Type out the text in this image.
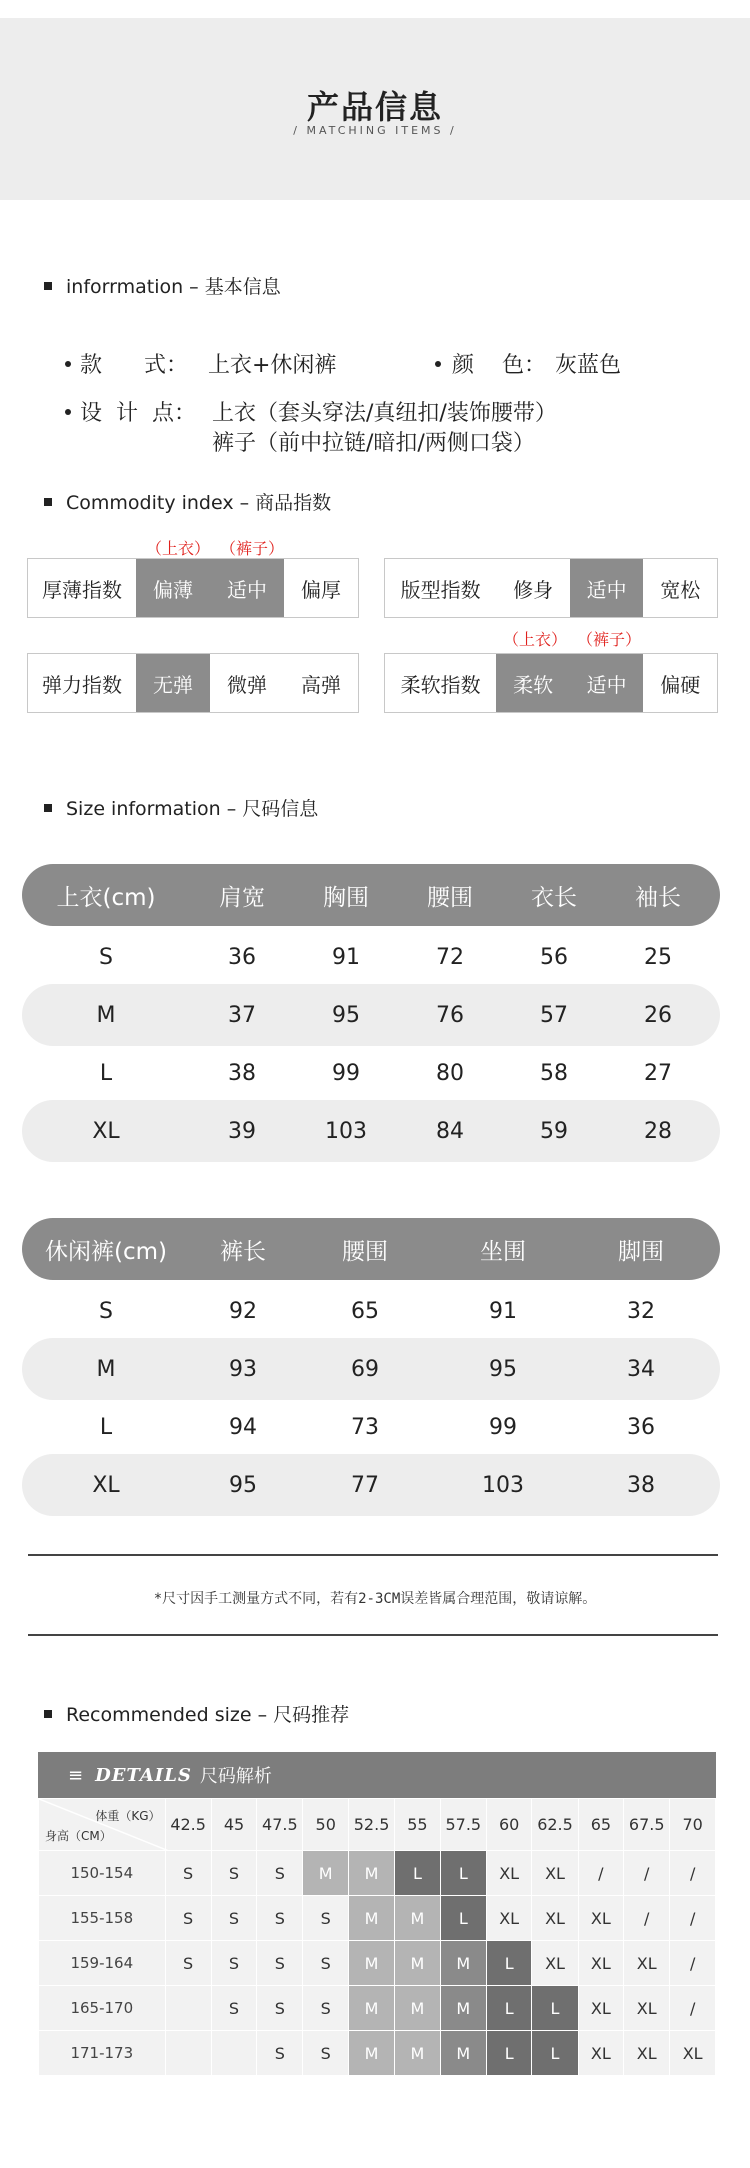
产品信息
/ MATCHING ITEMS /
inforrmation – 基本信息
款      式： 上衣+休闲裤	颜    色： 灰蓝色
设  计  点： 上衣（套头穿法/真纽扣/装饰腰带）
裤子（前中拉链/暗扣/两侧口袋）
Commodity index – 商品指数
（上衣） （裤子）
厚薄指数	偏薄	适中	偏厚	版型指数	修身	适中	宽松
（上衣） （裤子）
弹力指数	无弹	微弹	高弹	柔软指数	柔软	适中	偏硬
Size information – 尺码信息
上衣(cm)	肩宽	胸围	腰围	衣长	袖长
S	36	91	72	56	25
M	37	95	76	57	26
L	38	99	80	58	27
XL	39	103	84	59	28
休闲裤(cm)	裤长	腰围	坐围	脚围
S	92	65	91	32
M	93	69	95	34
L	94	73	99	36
XL	95	77	103	38
*尺寸因手工测量方式不同，若有2-3CM误差皆属合理范围，敬请谅解。
Recommended size – 尺码推荐
≡ DETAILS 尺码解析
体重（KG）
身高（CM）	42.5	45	47.5	50	52.5	55	57.5	60	62.5	65	67.5	70
150-154	S	S	S	M	M	L	L	XL	XL	/	/	/
155-158	S	S	S	S	M	M	L	XL	XL	XL	/	/
159-164	S	S	S	S	M	M	M	L	XL	XL	XL	/
165-170		S	S	S	M	M	M	L	L	XL	XL	/
171-173			S	S	M	M	M	L	L	XL	XL	XL
